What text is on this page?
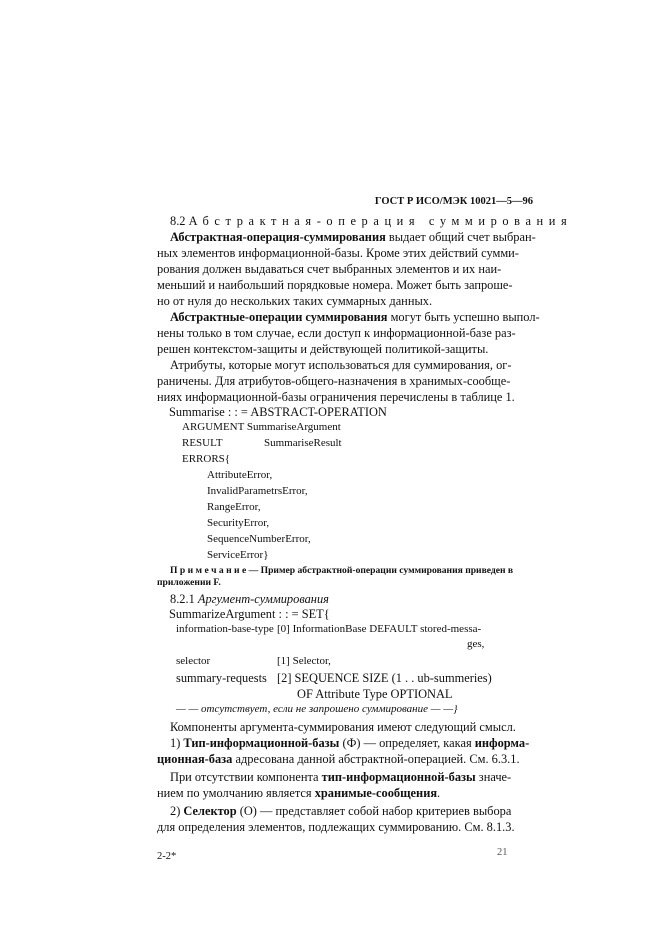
ГОСТ Р ИСО/МЭК 10021—5—96
8.2 Абстрактная-операция суммирования
Абстрактная-операция-суммирования выдает общий счет выбран-
ных элементов информационной-базы. Кроме этих действий сумми-
рования должен выдаваться счет выбранных элементов и их наи-
меньший и наибольший порядковые номера. Может быть запроше-
но от нуля до нескольких таких суммарных данных.
Абстрактные-операции суммирования могут быть успешно выпол-
нены только в том случае, если доступ к информационной-базе раз-
решен контекстом-защиты и действующей политикой-защиты.
Атрибуты, которые могут использоваться для суммирования, ог-
раничены. Для атрибутов-общего-назначения в хранимых-сообще-
ниях информационной-базы ограничения перечислены в таблице 1.
Summarise : : = ABSTRACT-OPERATION
ARGUMENT SummariseArgument
RESULT	SummariseResult
ERRORS{
AttributeError,
InvalidParametrsError,
RangeError,
SecurityError,
SequenceNumberError,
ServiceError}
П р и м е ч а н и е — Пример абстрактной-операции суммирования приведен в
приложении F.
8.2.1 Аргумент-суммирования
SummarizeArgument : : = SET{
information-base-type [0] InformationBase DEFAULT stored-messa-
ges,
selector	[1] Selector,
summary-requests [2] SEQUENCE SIZE (1 . . ub-summeries)
OF Attribute Type OPTIONAL
— — отсутствует, если не запрошено суммирование — —}
Компоненты аргумента-суммирования имеют следующий смысл.
1) Тип-информационной-базы (Ф) — определяет, какая информа-
ционная-база адресована данной абстрактной-операцией. См. 6.3.1.
При отсутствии компонента тип-информационной-базы значе-
нием по умолчанию является хранимые-сообщения.
2) Селектор (О) — представляет собой набор критериев выбора
для определения элементов, подлежащих суммированию. См. 8.1.3.
2-2*	21
